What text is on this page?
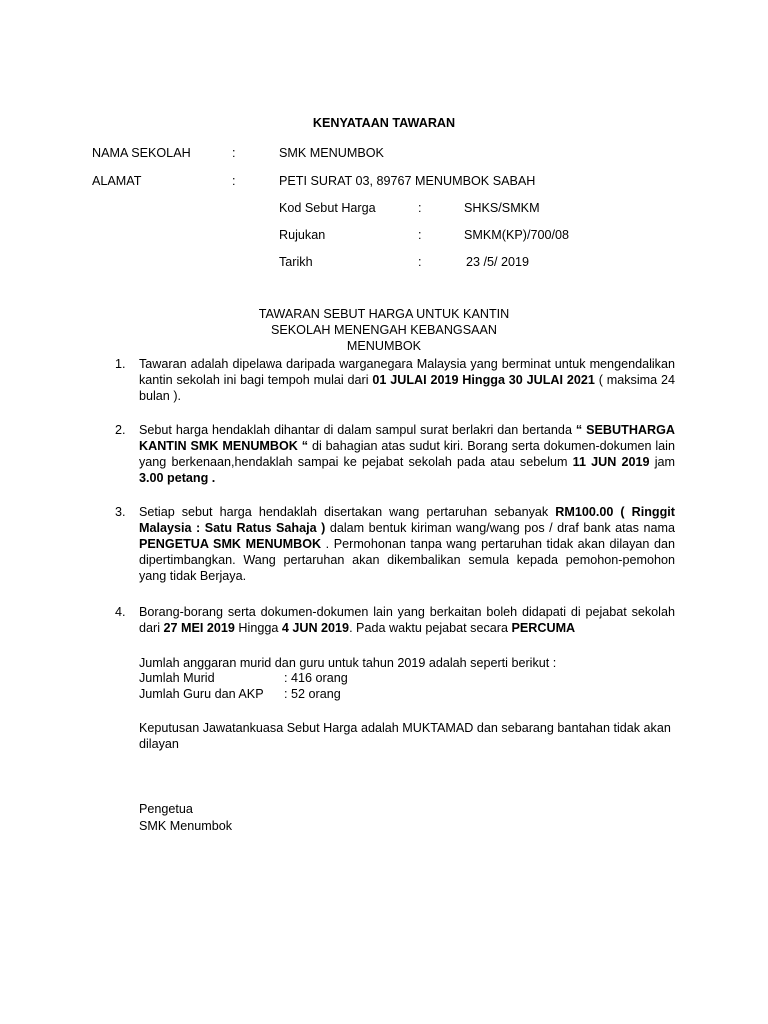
KENYATAAN TAWARAN
NAMA SEKOLAH	:	SMK MENUMBOK
ALAMAT	:	PETI SURAT 03, 89767 MENUMBOK SABAH
Kod Sebut Harga	:	SHKS/SMKM
Rujukan	:	SMKM(KP)/700/08
Tarikh	:	23 /5/ 2019
TAWARAN SEBUT HARGA UNTUK KANTIN
SEKOLAH MENENGAH KEBANGSAAN
MENUMBOK
1.	Tawaran adalah dipelawa daripada warganegara Malaysia yang berminat untuk mengendalikan kantin sekolah ini bagi tempoh mulai dari 01 JULAI 2019 Hingga 30 JULAI 2021 ( maksima 24 bulan ).

2.	Sebut harga hendaklah dihantar di dalam sampul surat berlakri dan bertanda “ SEBUTHARGA KANTIN SMK MENUMBOK “ di bahagian atas sudut kiri. Borang serta dokumen-dokumen lain yang berkenaan,hendaklah sampai ke pejabat sekolah pada atau sebelum 11 JUN 2019 jam 3.00 petang .

3.	Setiap sebut harga hendaklah disertakan wang pertaruhan sebanyak RM100.00 ( Ringgit Malaysia : Satu Ratus Sahaja ) dalam bentuk kiriman wang/wang pos / draf bank atas nama PENGETUA SMK MENUMBOK . Permohonan tanpa wang pertaruhan tidak akan dilayan dan dipertimbangkan. Wang pertaruhan akan dikembalikan semula kepada pemohon-pemohon yang tidak Berjaya.

4.	Borang-borang serta dokumen-dokumen lain yang berkaitan boleh didapati di pejabat sekolah dari 27 MEI 2019 Hingga 4 JUN 2019. Pada waktu pejabat secara PERCUMA

Jumlah anggaran murid dan guru untuk tahun 2019 adalah seperti berikut :
Jumlah Murid	: 416 orang
Jumlah Guru dan AKP : 52 orang

Keputusan Jawatankuasa Sebut Harga adalah MUKTAMAD dan sebarang bantahan tidak akan dilayan

Pengetua
SMK Menumbok
